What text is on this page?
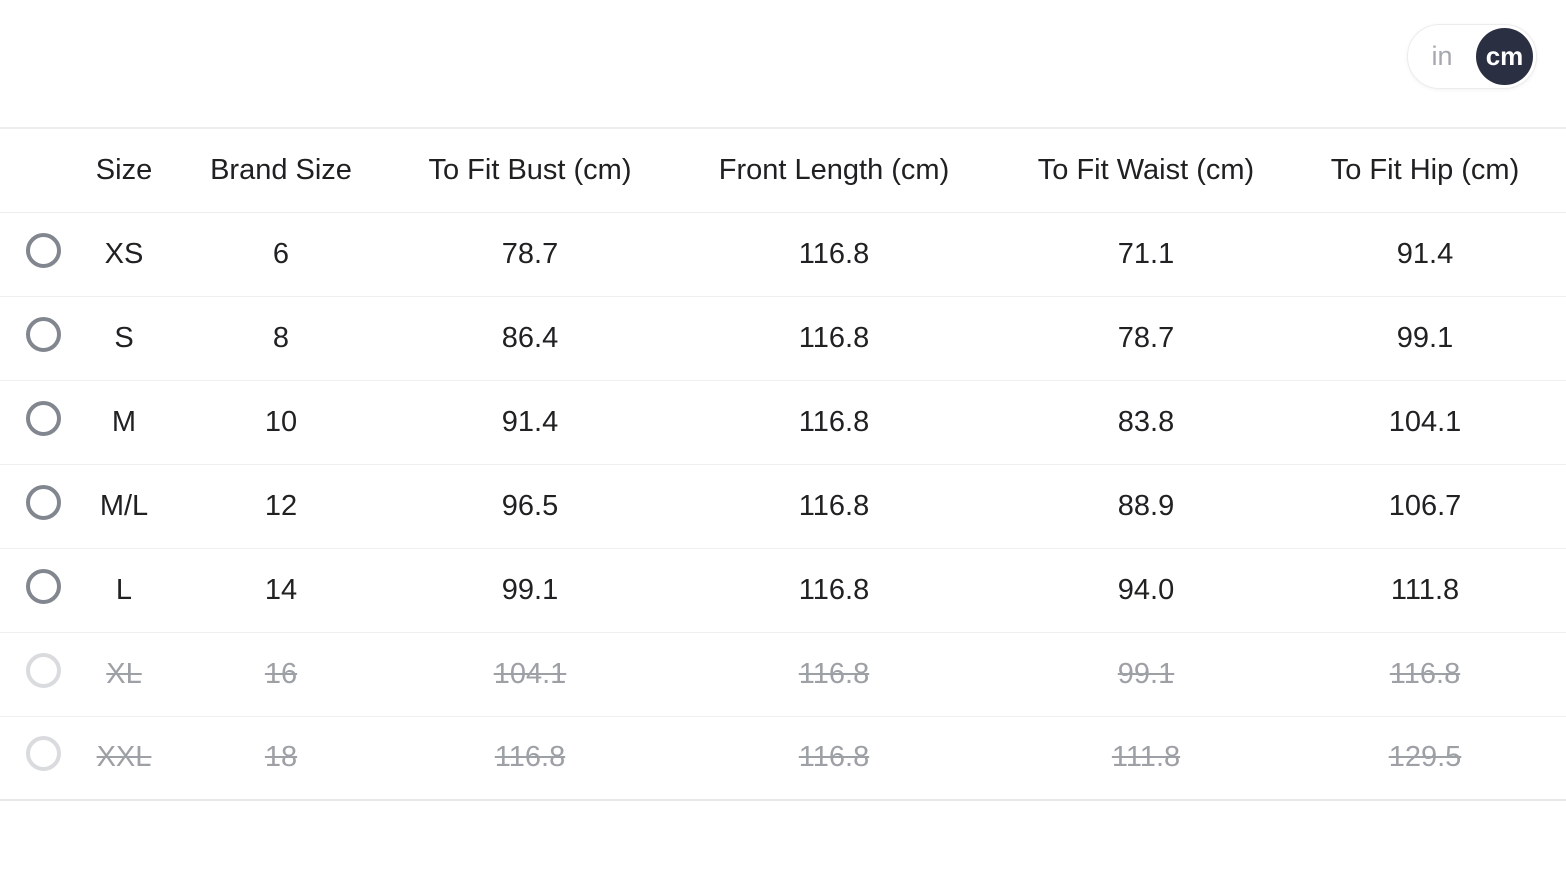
in	cm
	Size	Brand Size	To Fit Bust (cm)	Front Length (cm)	To Fit Waist (cm)	To Fit Hip (cm)
	XS	6	78.7	116.8	71.1	91.4
	S	8	86.4	116.8	78.7	99.1
	M	10	91.4	116.8	83.8	104.1
	M/L	12	96.5	116.8	88.9	106.7
	L	14	99.1	116.8	94.0	111.8
	XL	16	104.1	116.8	99.1	116.8
	XXL	18	116.8	116.8	111.8	129.5
